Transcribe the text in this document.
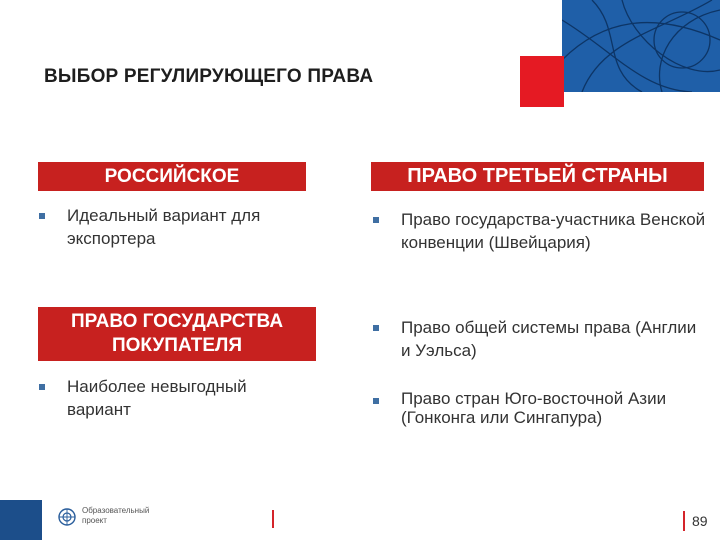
ВЫБОР РЕГУЛИРУЮЩЕГО ПРАВА
РОССИЙСКОЕ
Идеальный вариант для экспортера
ПРАВО ГОСУДАРСТВА
ПОКУПАТЕЛЯ
Наиболее невыгодный вариант
ПРАВО ТРЕТЬЕЙ СТРАНЫ
Право государства-участника Венской конвенции (Швейцария)
Право общей системы права (Англии и Уэльса)
Право стран Юго-восточной Азии (Гонконга или Сингапура)
Образовательный
проект	89
